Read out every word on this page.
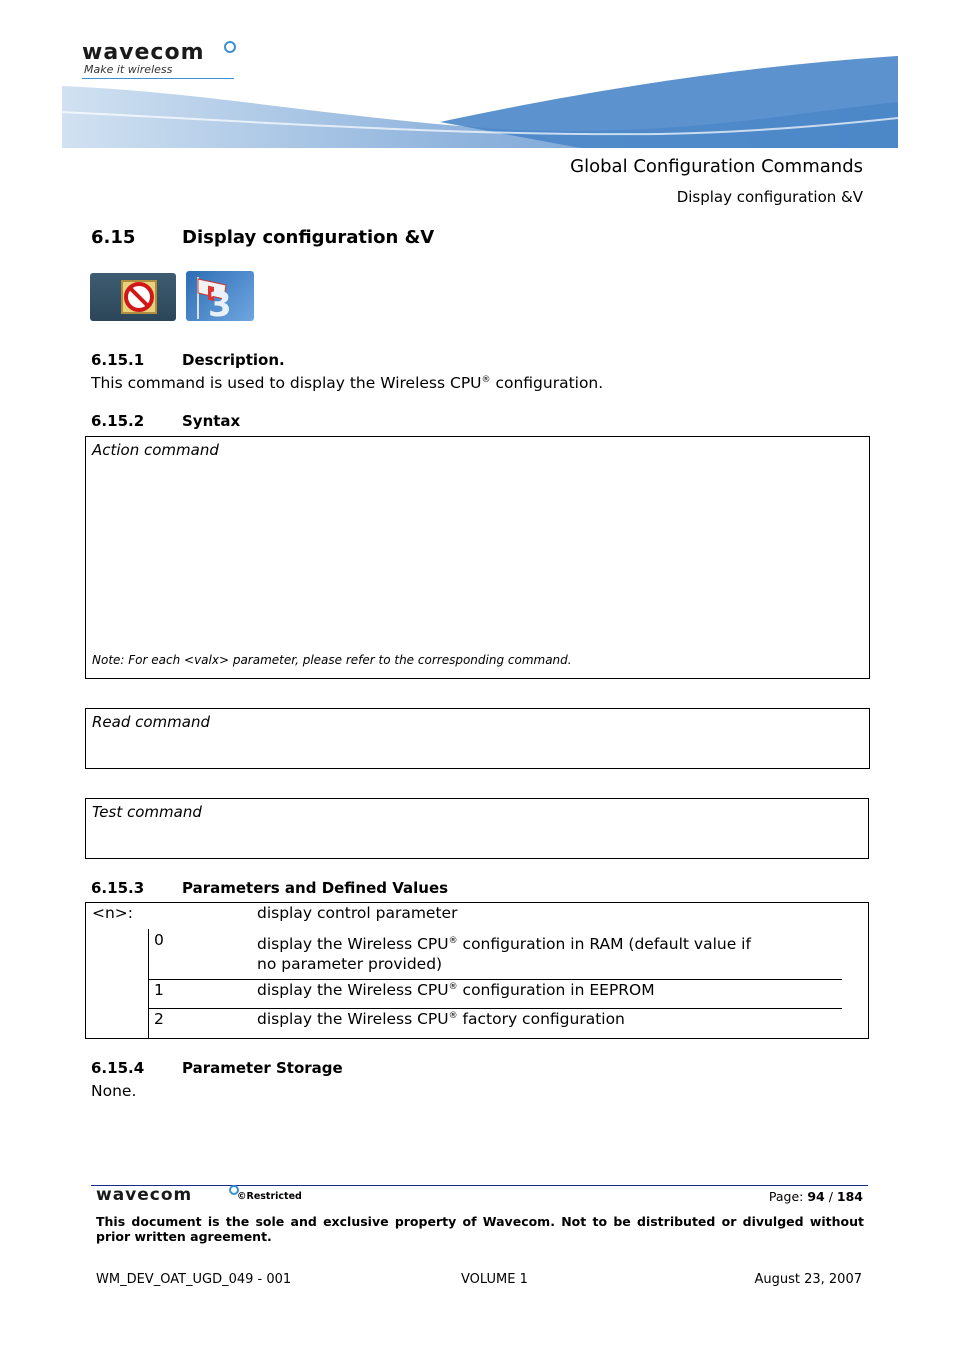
wavecom
Make it wireless
Global Configuration Commands
Display configuration &V
6.15	Display configuration &V
3
6.15.1	Description.
This command is used to display the Wireless CPU® configuration.
6.15.2	Syntax
Action command
Note: For each <valx> parameter, please refer to the corresponding command.
Read command
Test command
6.15.3	Parameters and Defined Values
<n>:	display control parameter
0	display the Wireless CPU® configuration in RAM (default value if
no parameter provided)
1	display the Wireless CPU® configuration in EEPROM
2	display the Wireless CPU® factory configuration
6.15.4	Parameter Storage
None.
wavecom	©Restricted	Page: 94 / 184
This document is the sole and exclusive property of Wavecom. Not to be distributed or divulged without prior written agreement.
WM_DEV_OAT_UGD_049 - 001	VOLUME 1	August 23, 2007
